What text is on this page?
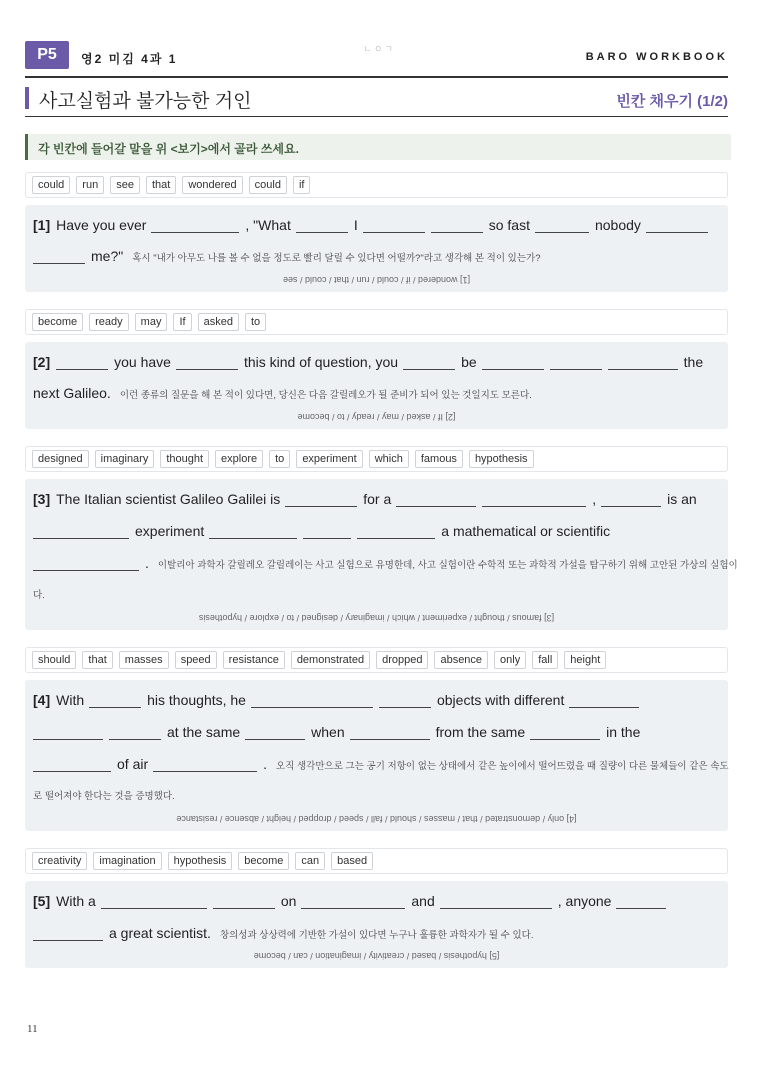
P5	영2 미김 4과 1
ㄴㅇㄱ
BARO WORKBOOK
사고실험과 불가능한 거인	빈칸 채우기 (1/2)
각 빈칸에 들어갈 말을 위 <보기>에서 골라 쓰세요.
could	run	see	that	wondered	could	if
[1] Have you ever	, "What	I	so fast	nobody
me?" 혹시 "내가 아무도 나를 볼 수 없을 정도로 빨리 달릴 수 있다면 어떨까?"라고 생각해 본 적이 있는가?
[1] wondered / if / could / run / that / could / see
become	ready	may	If	asked	to
[2]	you have	this kind of question, you	be	the
next Galileo. 이런 종류의 질문을 해 본 적이 있다면, 당신은 다음 갈릴레오가 될 준비가 되어 있는 것일지도 모른다.
[2] If / asked / may / ready / to / become
designed	imaginary	thought	explore	to	experiment	which	famous	hypothesis
[3] The Italian scientist Galileo Galilei is	for a	,	is an
experiment	a mathematical or scientific
. 이탈리아 과학자 갈릴레오 갈릴레이는 사고 실험으로 유명한데, 사고 실험이란 수학적 또는 과학적 가설을 탐구하기 위해 고안된 가상의 실험이
다.
[3] famous / thought / experiment / which / imaginary / designed / to / explore / hypothesis
should	that	masses	speed	resistance	demonstrated	dropped	absence	only	fall	height
[4] With	his thoughts, he	objects with different
at the same	when	from the same	in the
of air	. 오직 생각만으로 그는 공기 저항이 없는 상태에서 같은 높이에서 떨어뜨렸을 때 질량이 다른 물체들이 같은 속도
로 떨어져야 한다는 것을 증명했다.
[4] only / demonstrated / that / masses / should / fall / speed / dropped / height / absence / resistance
creativity	imagination	hypothesis	become	can	based
[5] With a	on	and	, anyone
a great scientist. 창의성과 상상력에 기반한 가설이 있다면 누구나 훌륭한 과학자가 될 수 있다.
[5] hypothesis / based / creativity / imagination / can / become
11
